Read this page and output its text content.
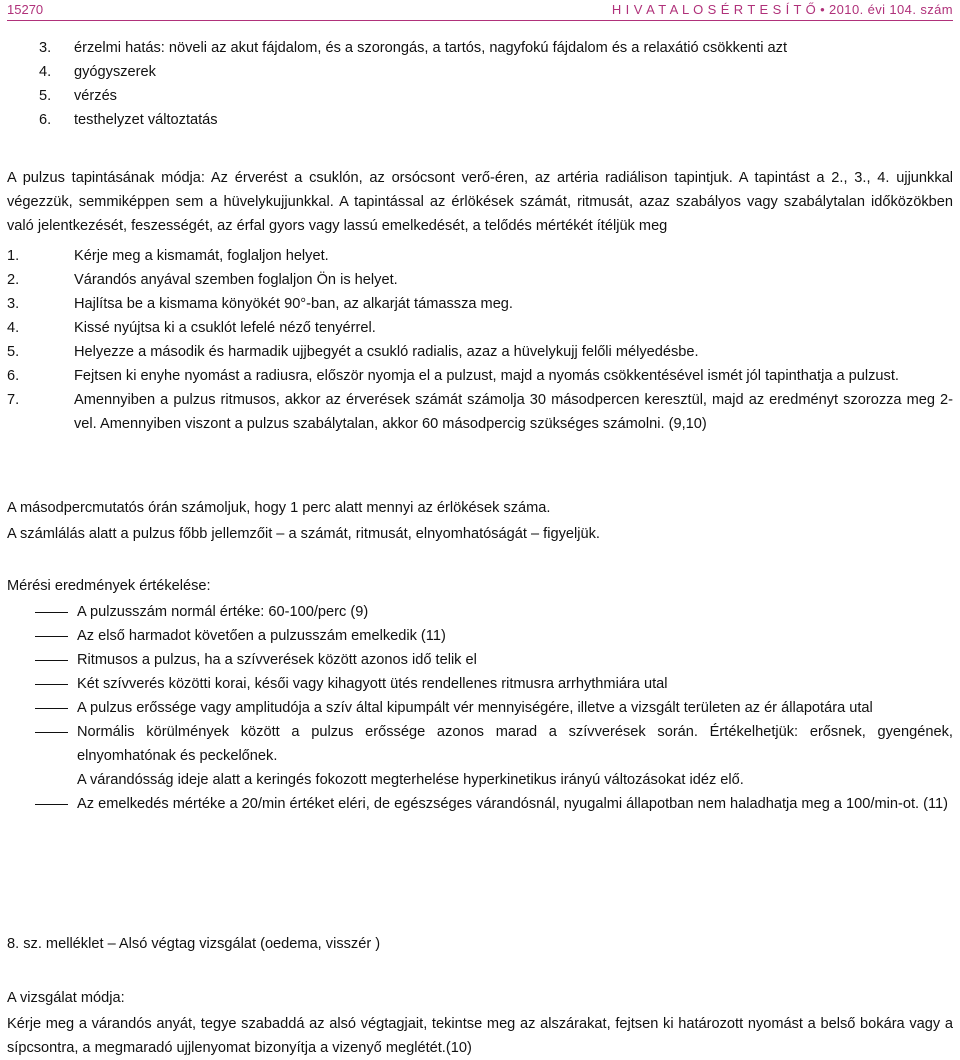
15270	H I V A T A L O S É R T E S Í T Ő • 2010. évi 104. szám
3.	érzelmi hatás: növeli az akut fájdalom, és a szorongás, a tartós, nagyfokú fájdalom és a relaxátió csökkenti azt
4.	gyógyszerek
5.	vérzés
6.	testhelyzet változtatás
A pulzus tapintásának módja: Az érverést a csuklón, az orsócsont verő-éren, az artéria radiálison tapintjuk. A tapintást a 2., 3., 4. ujjunkkal végezzük, semmiképpen sem a hüvelykujjunkkal. A tapintással az érlökések számát, ritmusát, azaz szabályos vagy szabálytalan időközökben való jelentkezését, feszességét, az érfal gyors vagy lassú emelkedését, a telődés mértékét ítéljük meg
1.	Kérje meg a kismamát, foglaljon helyet.
2.	Várandós anyával szemben foglaljon Ön is helyet.
3.	Hajlítsa be a kismama könyökét 90°-ban, az alkarját támassza meg.
4.	Kissé nyújtsa ki a csuklót lefelé néző tenyérrel.
5.	Helyezze a második és harmadik ujjbegyét a csukló radialis, azaz a hüvelykujj felőli mélyedésbe.
6.	Fejtsen ki enyhe nyomást a radiusra, először nyomja el a pulzust, majd a nyomás csökkentésével ismét jól tapinthatja a pulzust.
7.	Amennyiben a pulzus ritmusos, akkor az érverések számát számolja 30 másodpercen keresztül, majd az eredményt szorozza meg 2-vel. Amennyiben viszont a pulzus szabálytalan, akkor 60 másodpercig szükséges számolni. (9,10)
A másodpercmutatós órán számoljuk, hogy 1 perc alatt mennyi az érlökések száma.
A számlálás alatt a pulzus főbb jellemzőit – a számát, ritmusát, elnyomhatóságát – figyeljük.
Mérési eredmények értékelése:
A pulzusszám normál értéke: 60-100/perc (9)
Az első harmadot követően a pulzusszám emelkedik (11)
Ritmusos a pulzus, ha a szívverések között azonos idő telik el
Két szívverés közötti korai, késői vagy kihagyott ütés rendellenes ritmusra arrhythmiára utal
A pulzus erőssége vagy amplitudója a szív által kipumpált vér mennyiségére, illetve a vizsgált területen az ér állapotára utal
Normális körülmények között a pulzus erőssége azonos marad a szívverések során. Értékelhetjük: erősnek, gyengének, elnyomhatónak és peckelőnek.
A várandósság ideje alatt a keringés fokozott megterhelése hyperkinetikus irányú változásokat idéz elő.
Az emelkedés mértéke a 20/min értéket eléri, de egészséges várandósnál, nyugalmi állapotban nem haladhatja meg a 100/min-ot. (11)
8. sz. melléklet – Alsó végtag vizsgálat (oedema, visszér )
A vizsgálat módja:
Kérje meg a várandós anyát, tegye szabaddá az alsó végtagjait, tekintse meg az alszárakat, fejtsen ki határozott nyomást a belső bokára vagy a sípcsontra, a megmaradó ujjlenyomat bizonyítja a vizenyő meglétét.(10)
